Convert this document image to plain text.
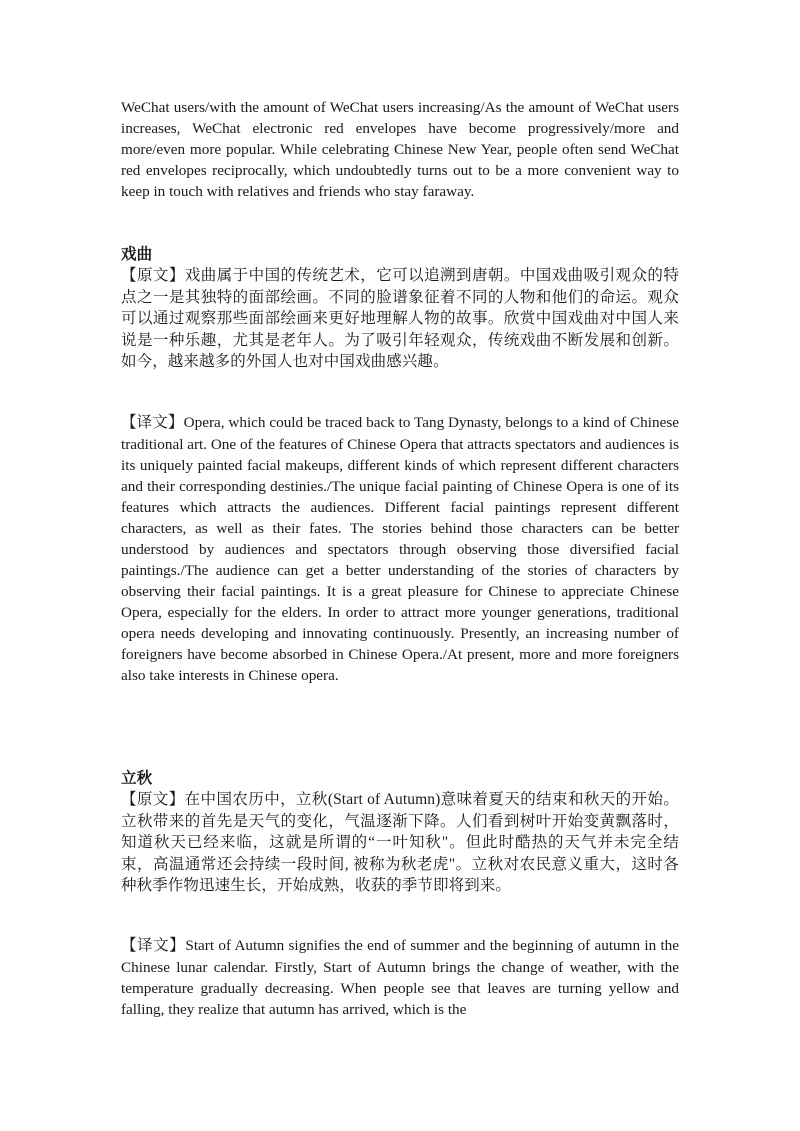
WeChat users/with the amount of WeChat users increasing/As the amount of WeChat users increases, WeChat electronic red envelopes have become progressively/more and more/even more popular. While celebrating Chinese New Year, people often send WeChat red envelopes reciprocally, which undoubtedly turns out to be a more convenient way to keep in touch with relatives and friends who stay faraway.

戏曲

【原文】戏曲属于中国的传统艺术，它可以追溯到唐朝。中国戏曲吸引观众的特点之一是其独特的面部绘画。不同的脸谱象征着不同的人物和他们的命运。观众可以通过观察那些面部绘画来更好地理解人物的故事。欣赏中国戏曲对中国人来说是一种乐趣，尤其是老年人。为了吸引年轻观众，传统戏曲不断发展和创新。如今，越来越多的外国人也对中国戏曲感兴趣。

【译文】Opera, which could be traced back to Tang Dynasty, belongs to a kind of Chinese traditional art. One of the features of Chinese Opera that attracts spectators and audiences is its uniquely painted facial makeups, different kinds of which represent different characters and their corresponding destinies./The unique facial painting of Chinese Opera is one of its features which attracts the audiences. Different facial paintings represent different characters, as well as their fates. The stories behind those characters can be better understood by audiences and spectators through observing those diversified facial paintings./The audience can get a better understanding of the stories of characters by observing their facial paintings. It is a great pleasure for Chinese to appreciate Chinese Opera, especially for the elders. In order to attract more younger generations, traditional opera needs developing and innovating continuously. Presently, an increasing number of foreigners have become absorbed in Chinese Opera./At present, more and more foreigners also take interests in Chinese opera.

立秋

【原文】在中国农历中，立秋(Start of Autumn)意味着夏天的结束和秋天的开始。立秋带来的首先是天气的变化，气温逐渐下降。人们看到树叶开始变黄飘落时，知道秋天已经来临，这就是所谓的“一叶知秋"。但此时酷热的天气并未完全结束，高温通常还会持续一段时间, 被称为秋老虎"。立秋对农民意义重大，这时各种秋季作物迅速生长，开始成熟，收获的季节即将到来。

【译文】Start of Autumn signifies the end of summer and the beginning of autumn in the Chinese lunar calendar. Firstly, Start of Autumn brings the change of weather, with the temperature gradually decreasing. When people see that leaves are turning yellow and falling, they realize that autumn has arrived, which is the
